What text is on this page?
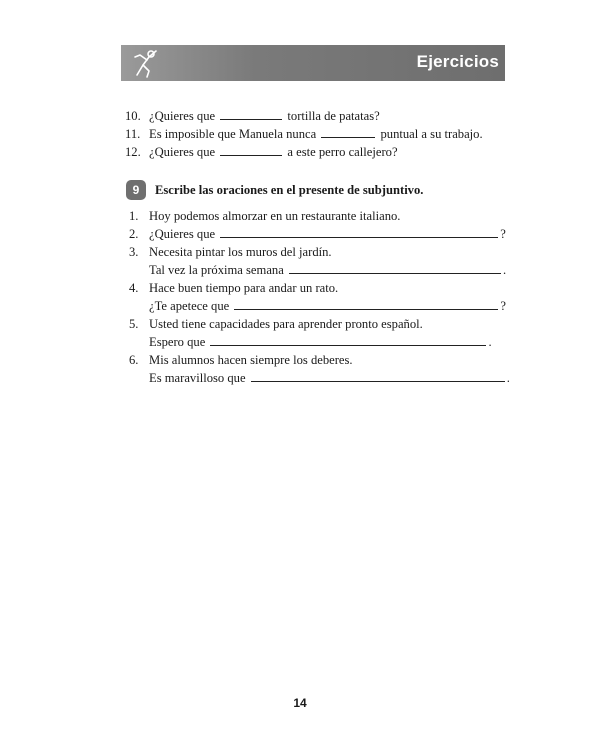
Ejercicios
10. ¿Quieres que	tortilla de patatas?
11. Es imposible que Manuela nunca	puntual a su trabajo.
12. ¿Quieres que	a este perro callejero?
9	Escribe las oraciones en el presente de subjuntivo.
1. Hoy podemos almorzar en un restaurante italiano.
2. ¿Quieres que	?
3. Necesita pintar los muros del jardín.
Tal vez la próxima semana	.
4. Hace buen tiempo para andar un rato.
¿Te apetece que	?
5. Usted tiene capacidades para aprender pronto español.
Espero que	.
6. Mis alumnos hacen siempre los deberes.
Es maravilloso que	.
14
